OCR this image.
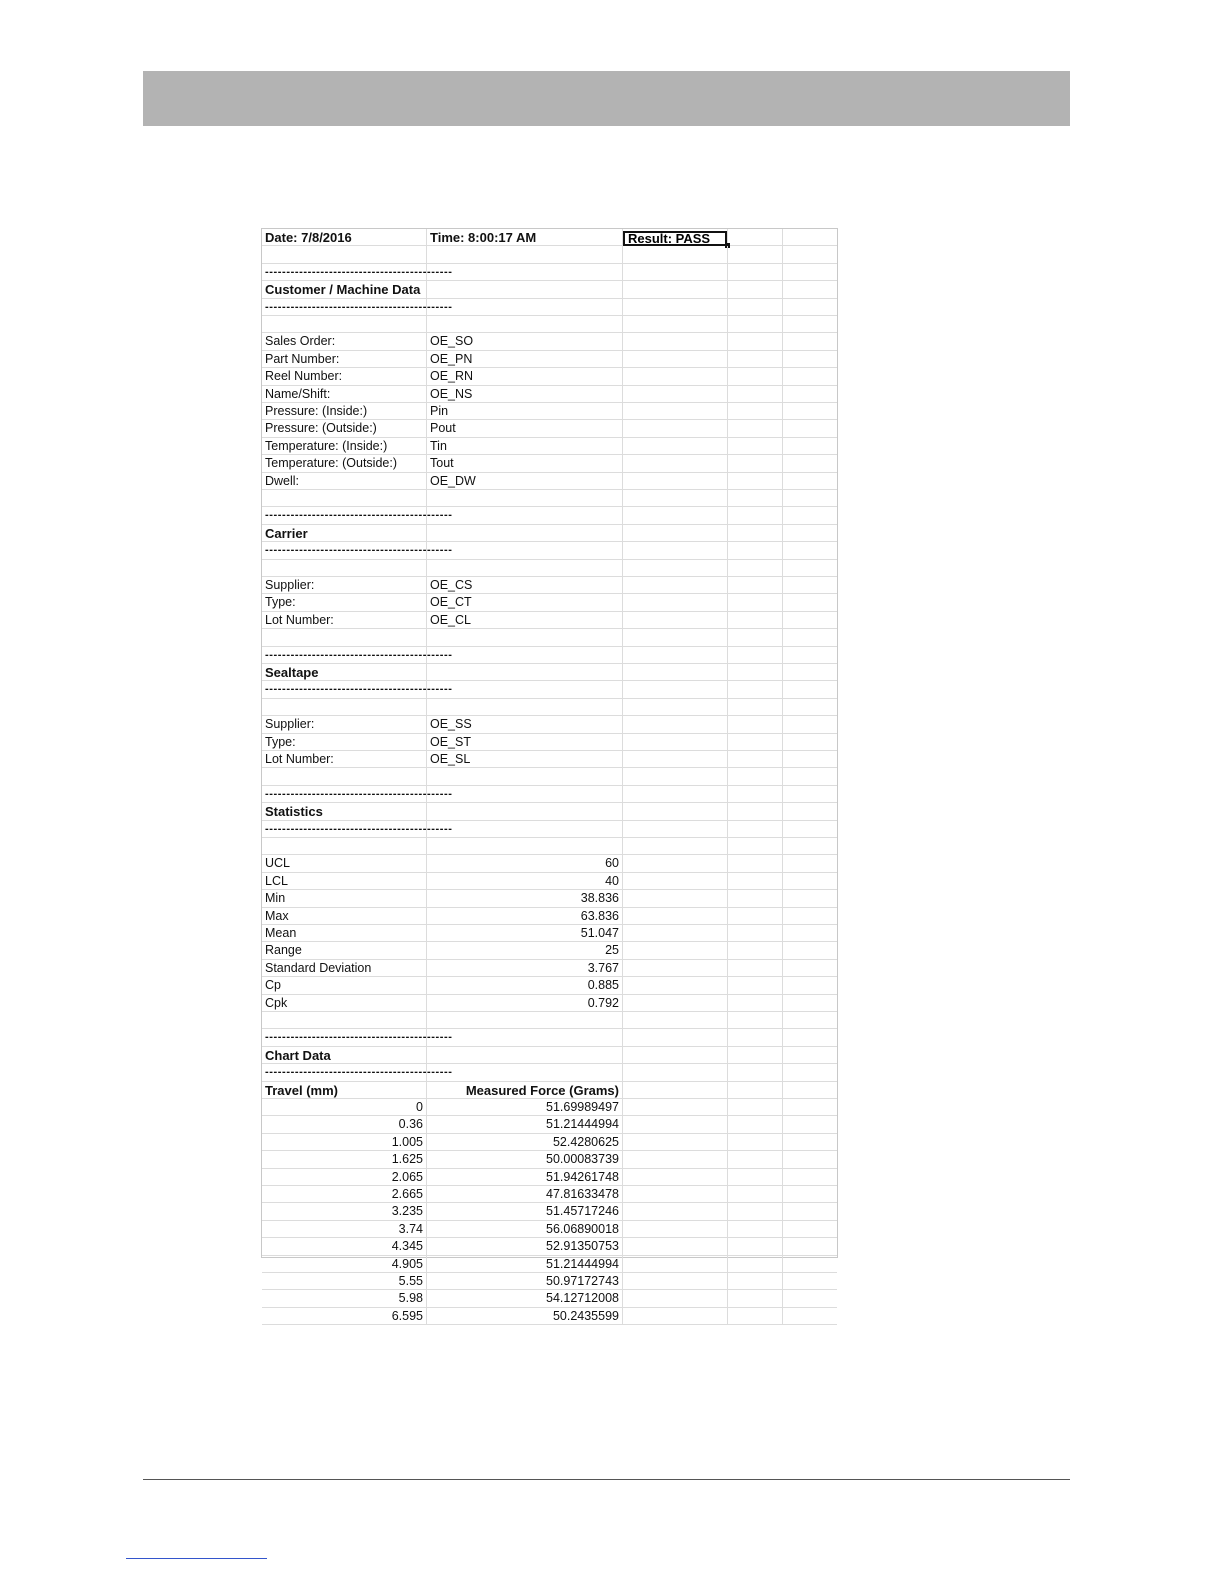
Date: 7/8/2016	Time: 8:00:17 AM	Result: PASS
--------------------------------------------
Customer / Machine Data
--------------------------------------------
Sales Order:	OE_SO
Part Number:	OE_PN
Reel Number:	OE_RN
Name/Shift:	OE_NS
Pressure: (Inside:)	Pin
Pressure: (Outside:)	Pout
Temperature: (Inside:)	Tin
Temperature: (Outside:)	Tout
Dwell:	OE_DW
--------------------------------------------
Carrier
--------------------------------------------
Supplier:	OE_CS
Type:	OE_CT
Lot Number:	OE_CL
--------------------------------------------
Sealtape
--------------------------------------------
Supplier:	OE_SS
Type:	OE_ST
Lot Number:	OE_SL
--------------------------------------------
Statistics
--------------------------------------------
UCL	60
LCL	40
Min	38.836
Max	63.836
Mean	51.047
Range	25
Standard Deviation	3.767
Cp	0.885
Cpk	0.792
--------------------------------------------
Chart Data
--------------------------------------------
Travel (mm)	Measured Force (Grams)
0	51.69989497
0.36	51.21444994
1.005	52.4280625
1.625	50.00083739
2.065	51.94261748
2.665	47.81633478
3.235	51.45717246
3.74	56.06890018
4.345	52.91350753
4.905	51.21444994
5.55	50.97172743
5.98	54.12712008
6.595	50.2435599
